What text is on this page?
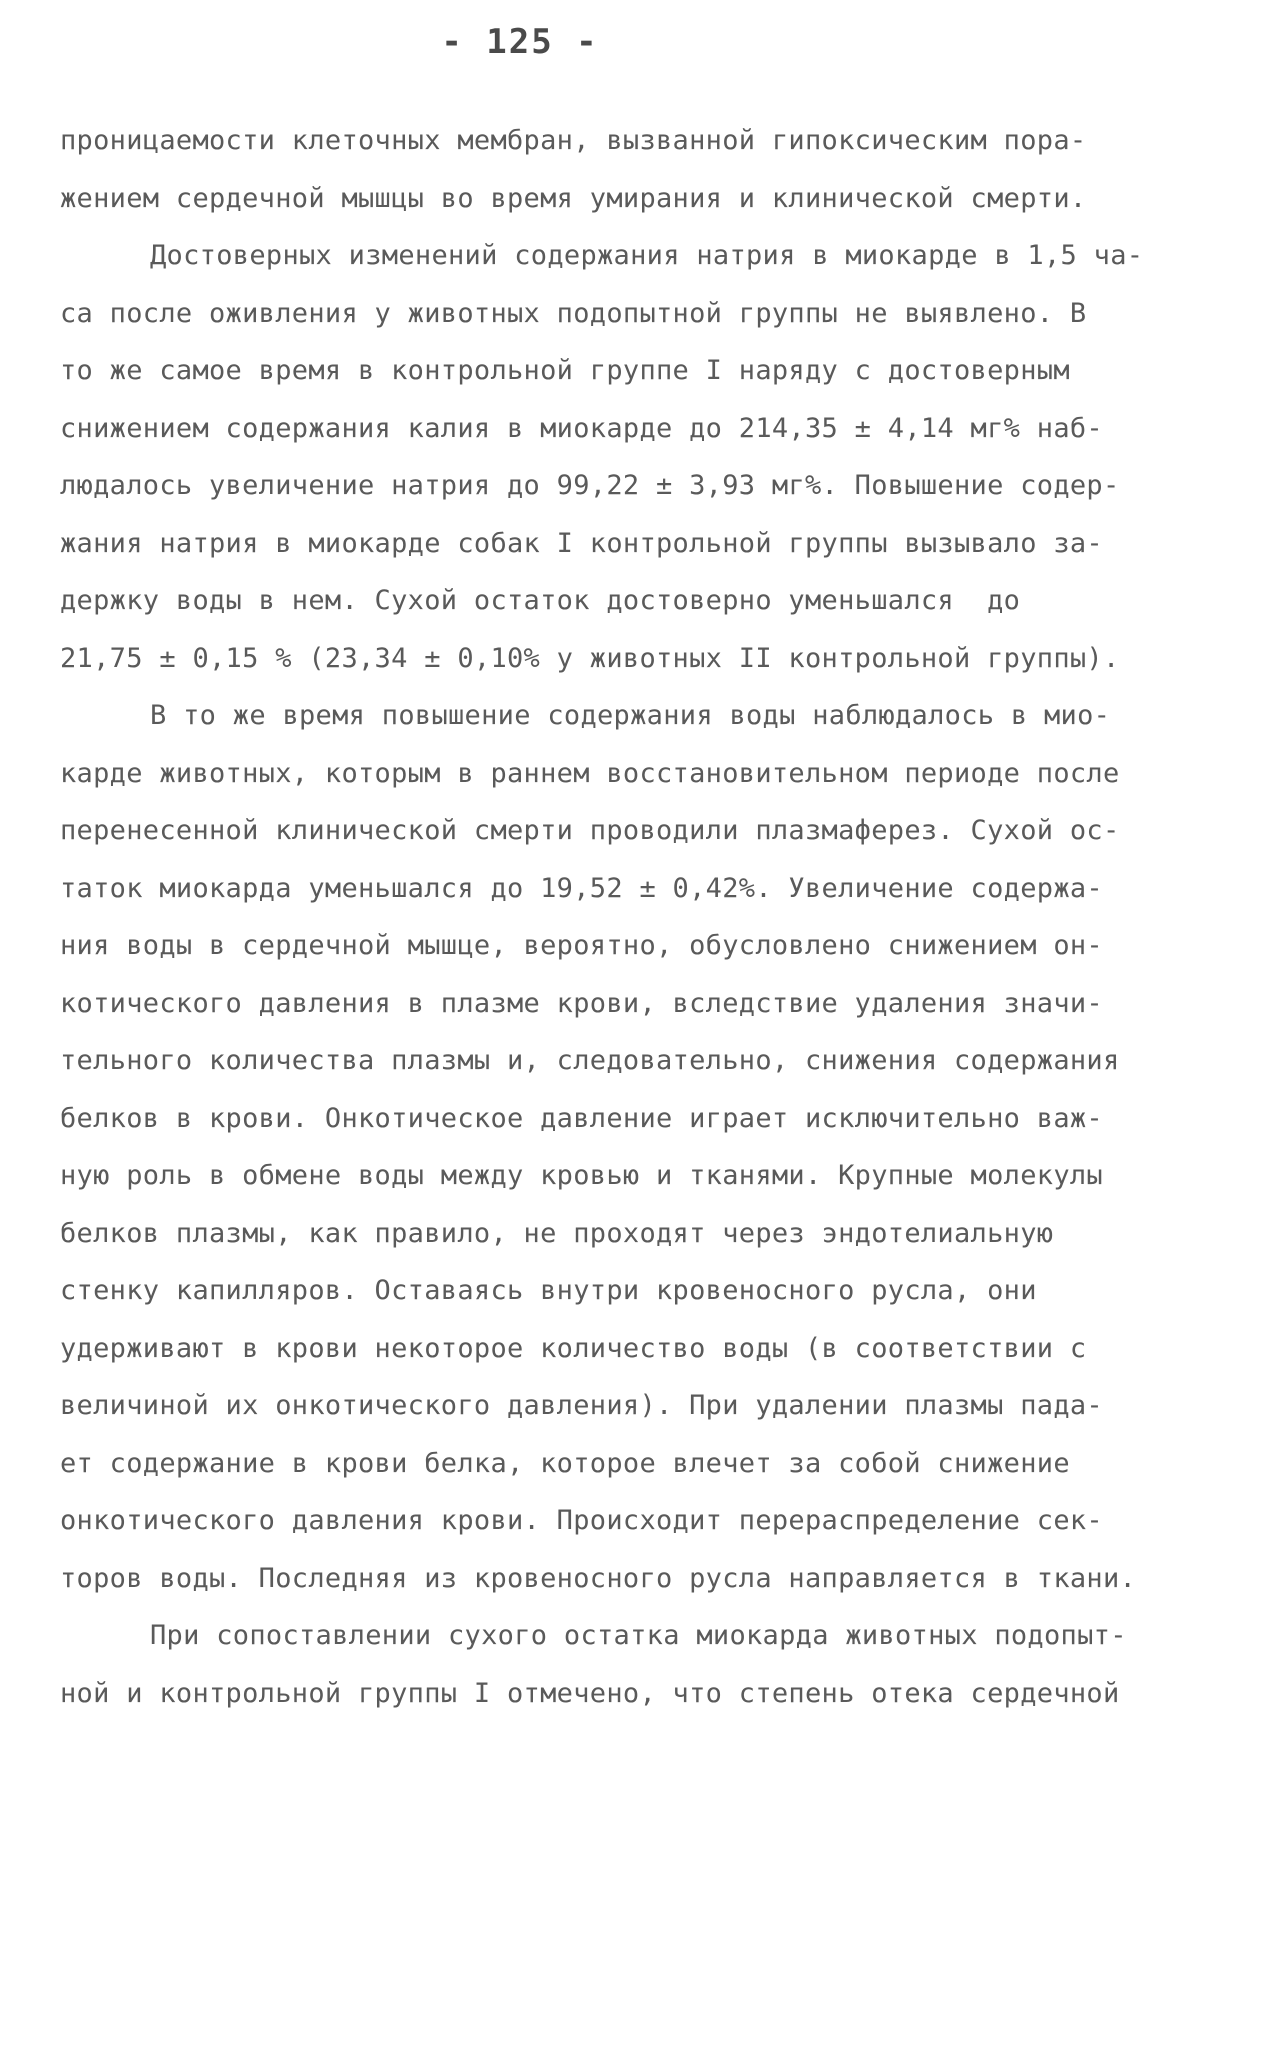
- 125 -
проницаемости клеточных мембран, вызванной гипоксическим пора-
жением сердечной мышцы во время умирания и клинической смерти.
Достоверных изменений содержания натрия в миокарде в 1,5 ча-
са после оживления у животных подопытной группы не выявлено. В
то же самое время в контрольной группе I наряду с достоверным
снижением содержания калия в миокарде до 214,35 ± 4,14 мг% наб-
людалось увеличение натрия до 99,22 ± 3,93 мг%. Повышение содер-
жания натрия в миокарде собак I контрольной группы вызывало за-
держку воды в нем. Сухой остаток достоверно уменьшался  до
21,75 ± 0,15 % (23,34 ± 0,10% у животных II контрольной группы).
В то же время повышение содержания воды наблюдалось в мио-
карде животных, которым в раннем восстановительном периоде после
перенесенной клинической смерти проводили плазмаферез. Сухой ос-
таток миокарда уменьшался до 19,52 ± 0,42%. Увеличение содержа-
ния воды в сердечной мышце, вероятно, обусловлено снижением он-
котического давления в плазме крови, вследствие удаления значи-
тельного количества плазмы и, следовательно, снижения содержания
белков в крови. Онкотическое давление играет исключительно важ-
ную роль в обмене воды между кровью и тканями. Крупные молекулы
белков плазмы, как правило, не проходят через эндотелиальную
стенку капилляров. Оставаясь внутри кровеносного русла, они
удерживают в крови некоторое количество воды (в соответствии с
величиной их онкотического давления). При удалении плазмы пада-
ет содержание в крови белка, которое влечет за собой снижение
онкотического давления крови. Происходит перераспределение сек-
торов воды. Последняя из кровеносного русла направляется в ткани.
При сопоставлении сухого остатка миокарда животных подопыт-
ной и контрольной группы I отмечено, что степень отека сердечной
